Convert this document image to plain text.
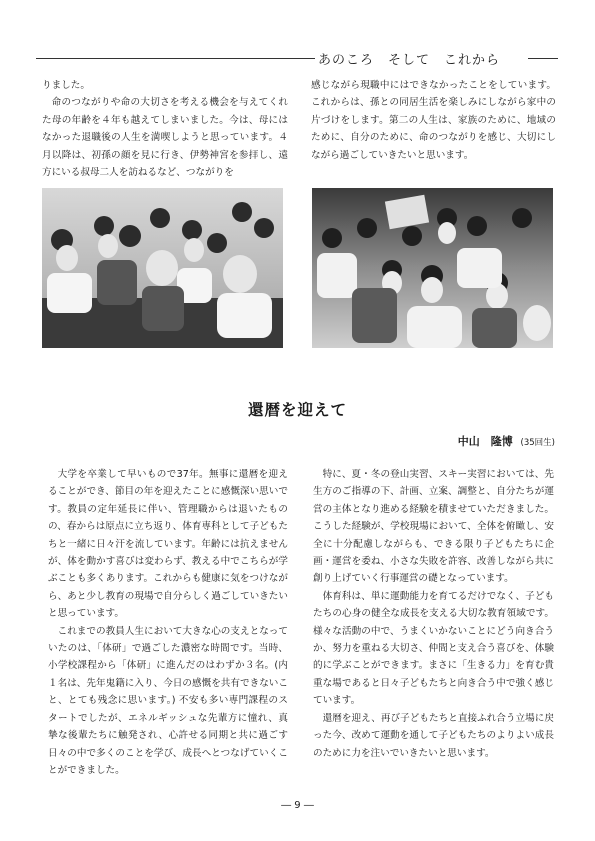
あのころ　そして　これから

りました。

命のつながりや命の大切さを考える機会を与えてくれた母の年齢を４年も越えてしまいました。今は、母にはなかった退職後の人生を満喫しようと思っています。４月以降は、初孫の顔を見に行き、伊勢神宮を参拝し、遠方にいる叔母二人を訪ねるなど、つながりを

感じながら現職中にはできなかったことをしています。これからは、孫との同居生活を楽しみにしながら家中の片づけをします。第二の人生は、家族のために、地域のために、自分のために、命のつながりを感じ、大切にしながら過ごしていきたいと思います。

還暦を迎えて
中山　隆博 (35回生)

大学を卒業して早いもので37年。無事に還暦を迎えることができ、節目の年を迎えたことに感慨深い思いです。教員の定年延長に伴い、管理職からは退いたものの、春からは原点に立ち返り、体育専科として子どもたちと一緒に日々汗を流しています。年齢には抗えませんが、体を動かす喜びは変わらず、教える中でこちらが学ぶことも多くあります。これからも健康に気をつけながら、あと少し教育の現場で自分らしく過ごしていきたいと思っています。

これまでの教員人生において大きな心の支えとなっていたのは、「体研」で過ごした濃密な時間です。当時、小学校課程から「体研」に進んだのはわずか３名。(内１名は、先年鬼籍に入り、今日の感慨を共有できないこと、とても残念に思います。) 不安も多い専門課程のスタートでしたが、エネルギッシュな先輩方に憧れ、真摯な後輩たちに触発され、心許せる同期と共に過ごす日々の中で多くのことを学び、成長へとつなげていくことができました。

特に、夏・冬の登山実習、スキー実習においては、先生方のご指導の下、計画、立案、調整と、自分たちが運営の主体となり進める経験を積ませていただきました。こうした経験が、学校現場において、全体を俯瞰し、安全に十分配慮しながらも、できる限り子どもたちに企画・運営を委ね、小さな失敗を許容、改善しながら共に創り上げていく行事運営の礎となっています。

体育科は、単に運動能力を育てるだけでなく、子どもたちの心身の健全な成長を支える大切な教育領域です。様々な活動の中で、うまくいかないことにどう向き合うか、努力を重ねる大切さ、仲間と支え合う喜びを、体験的に学ぶことができます。まさに「生きる力」を育む貴重な場であると日々子どもたちと向き合う中で強く感じています。

還暦を迎え、再び子どもたちと直接ふれ合う立場に戻った今、改めて運動を通して子どもたちのよりよい成長のために力を注いでいきたいと思います。

― 9 ―
